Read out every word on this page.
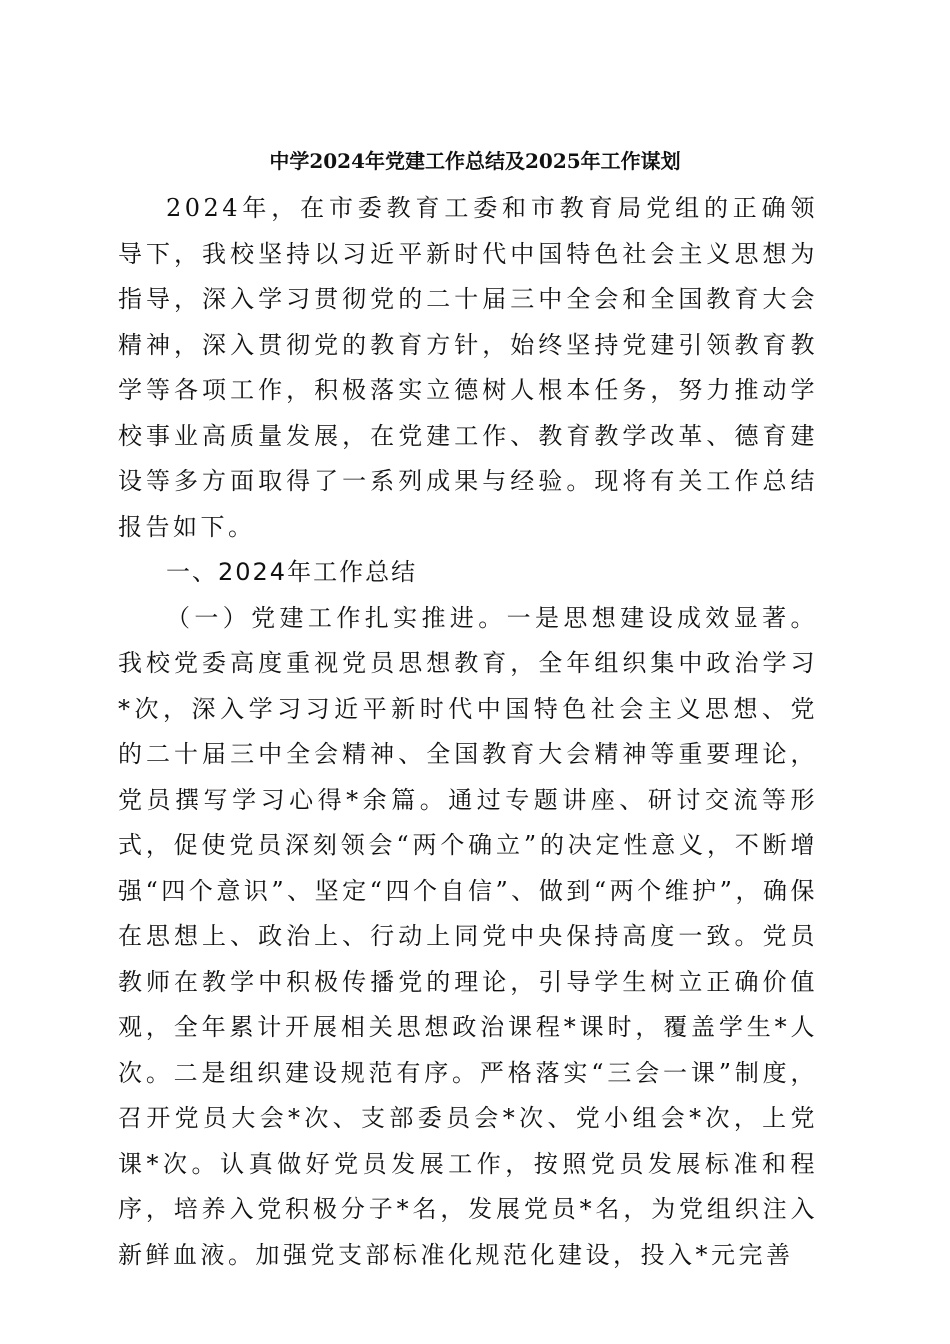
中学2024年党建工作总结及2025年工作谋划

2024年，在市委教育工委和市教育局党组的正确领导下，我校坚持以习近平新时代中国特色社会主义思想为指导，深入学习贯彻党的二十届三中全会和全国教育大会精神，深入贯彻党的教育方针，始终坚持党建引领教育教学等各项工作，积极落实立德树人根本任务，努力推动学校事业高质量发展，在党建工作、教育教学改革、德育建设等多方面取得了一系列成果与经验。现将有关工作总结报告如下。

一、2024年工作总结

（一）党建工作扎实推进。一是思想建设成效显著。我校党委高度重视党员思想教育，全年组织集中政治学习*次，深入学习习近平新时代中国特色社会主义思想、党的二十届三中全会精神、全国教育大会精神等重要理论，党员撰写学习心得*余篇。通过专题讲座、研讨交流等形式，促使党员深刻领会“两个确立”的决定性意义，不断增强“四个意识”、坚定“四个自信”、做到“两个维护”，确保在思想上、政治上、行动上同党中央保持高度一致。党员教师在教学中积极传播党的理论，引导学生树立正确价值观，全年累计开展相关思想政治课程*课时，覆盖学生*人次。二是组织建设规范有序。严格落实“三会一课”制度，召开党员大会*次、支部委员会*次、党小组会*次，上党课*次。认真做好党员发展工作，按照党员发展标准和程序，培养入党积极分子*名，发展党员*名，为党组织注入新鲜血液。加强党支部标准化规范化建设，投入*元完善
